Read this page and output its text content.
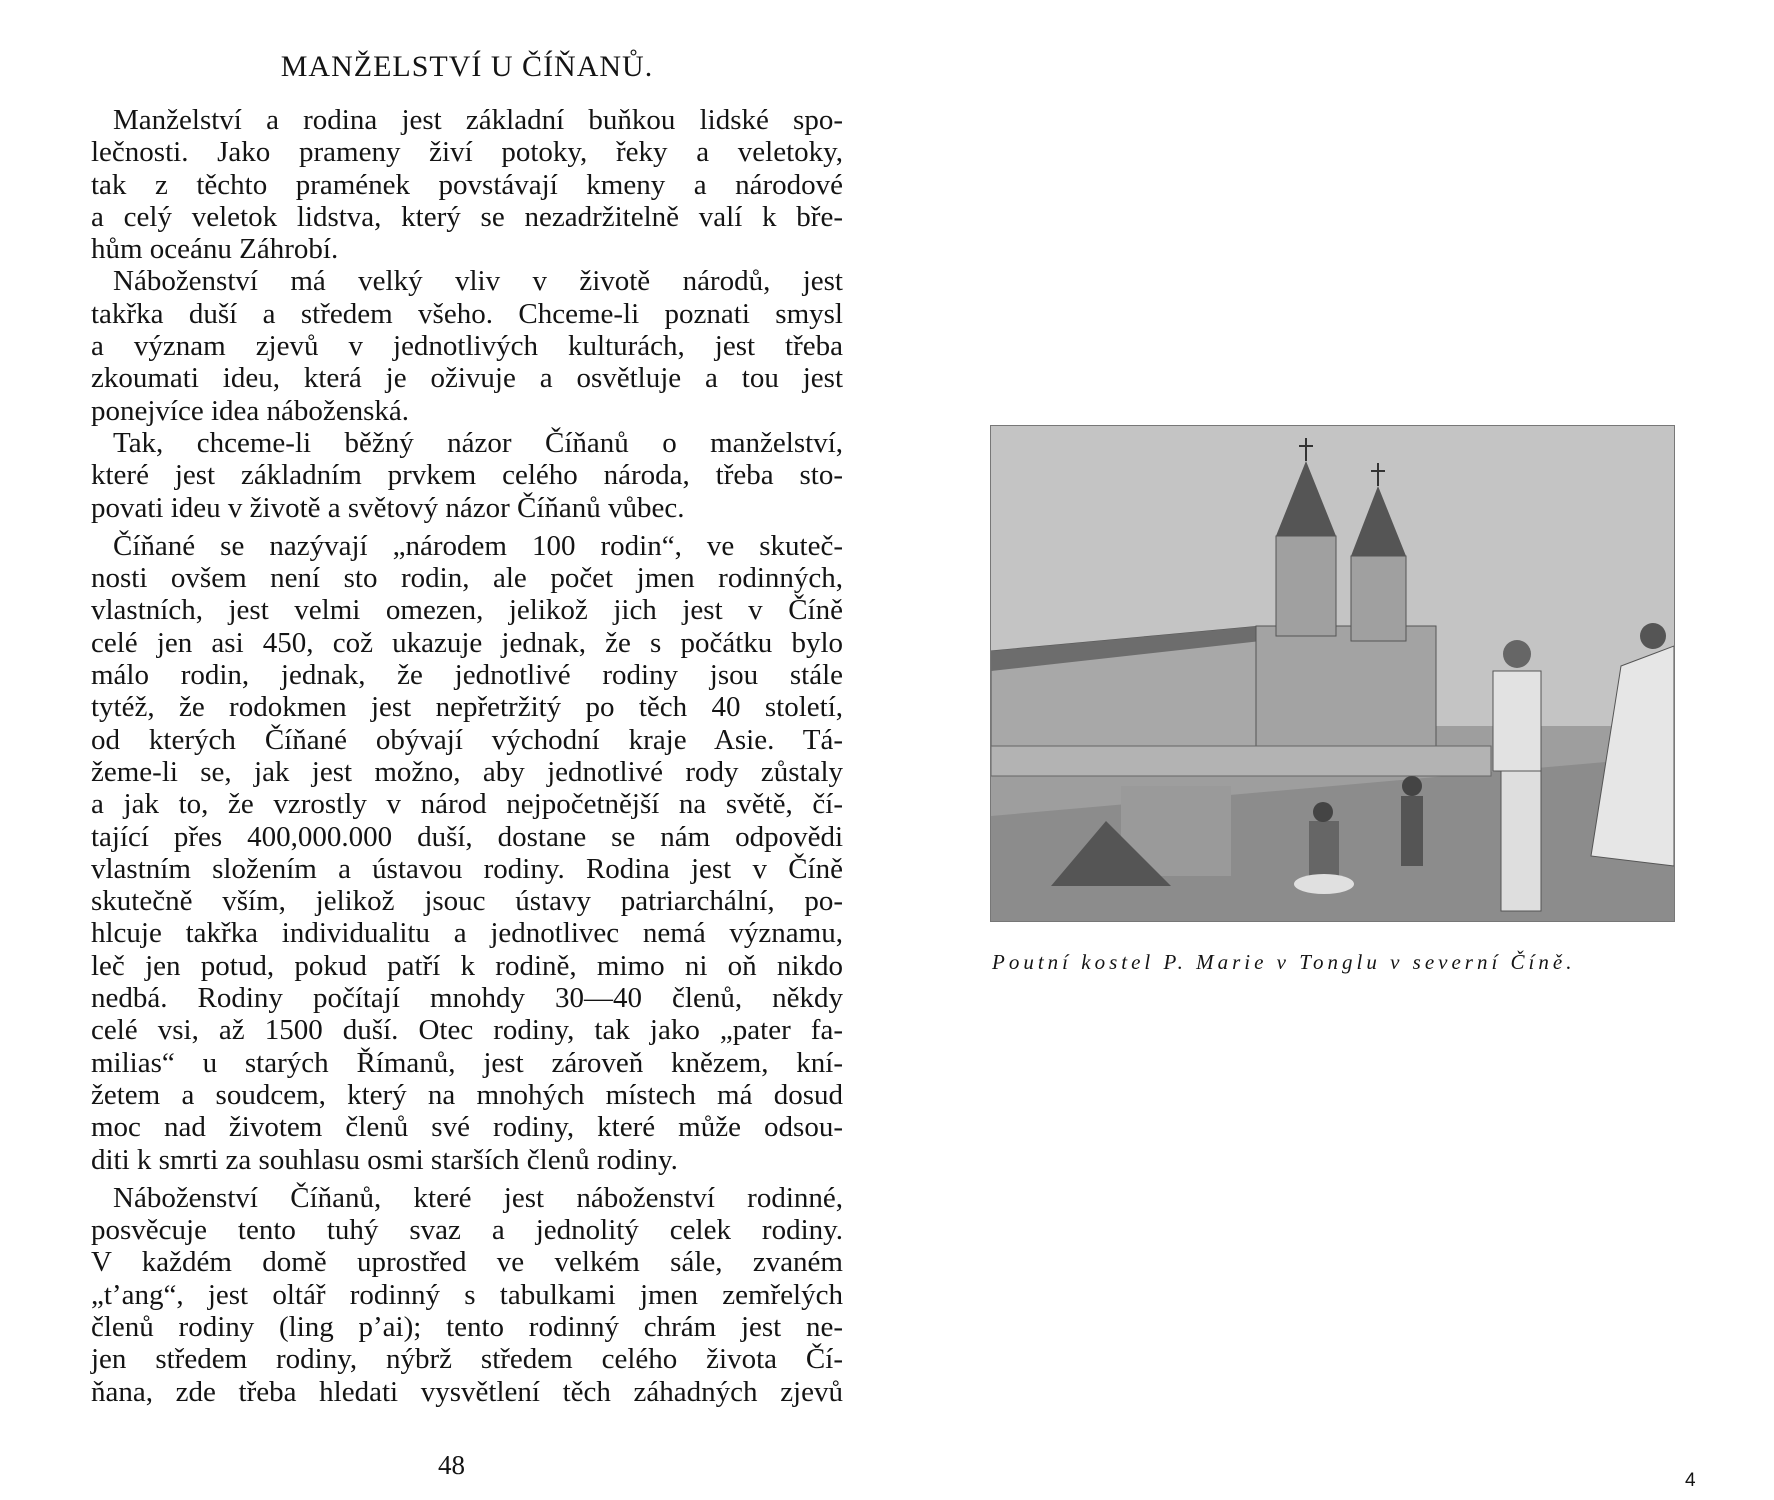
MANŽELSTVÍ U ČÍŇANŮ.
Manželství a rodina jest základní buňkou lidské spo-
lečnosti. Jako prameny živí potoky, řeky a veletoky,
tak z těchto pramének povstávají kmeny a národové
a celý veletok lidstva, který se nezadržitelně valí k bře-
hům oceánu Záhrobí.
Náboženství má velký vliv v životě národů, jest
takřka duší a středem všeho. Chceme-li poznati smysl
a význam zjevů v jednotlivých kulturách, jest třeba
zkoumati ideu, která je oživuje a osvětluje a tou jest
ponejvíce idea náboženská.
Tak, chceme-li běžný názor Číňanů o manželství,
které jest základním prvkem celého národa, třeba sto-
povati ideu v životě a světový názor Číňanů vůbec.
Číňané se nazývají „národem 100 rodin“, ve skuteč-
nosti ovšem není sto rodin, ale počet jmen rodinných,
vlastních, jest velmi omezen, jelikož jich jest v Číně
celé jen asi 450, což ukazuje jednak, že s počátku bylo
málo rodin, jednak, že jednotlivé rodiny jsou stále
tytéž, že rodokmen jest nepřetržitý po těch 40 století,
od kterých Číňané obývají východní kraje Asie. Tá-
žeme-li se, jak jest možno, aby jednotlivé rody zůstaly
a jak to, že vzrostly v národ nejpočetnější na světě, čí-
tající přes 400,000.000 duší, dostane se nám odpovědi
vlastním složením a ústavou rodiny. Rodina jest v Číně
skutečně vším, jelikož jsouc ústavy patriarchální, po-
hlcuje takřka individualitu a jednotlivec nemá významu,
leč jen potud, pokud patří k rodině, mimo ni oň nikdo
nedbá. Rodiny počítají mnohdy 30—40 členů, někdy
celé vsi, až 1500 duší. Otec rodiny, tak jako „pater fa-
milias“ u starých Římanů, jest zároveň knězem, kní-
žetem a soudcem, který na mnohých místech má dosud
moc nad životem členů své rodiny, které může odsou-
diti k smrti za souhlasu osmi starších členů rodiny.
Náboženství Číňanů, které jest náboženství rodinné,
posvěcuje tento tuhý svaz a jednolitý celek rodiny.
V každém domě uprostřed ve velkém sále, zvaném
„t’ang“, jest oltář rodinný s tabulkami jmen zemřelých
členů rodiny (ling p’ai); tento rodinný chrám jest ne-
jen středem rodiny, nýbrž středem celého života Čí-
ňana, zde třeba hledati vysvětlení těch záhadných zjevů
48
Poutní kostel P. Marie v Tonglu v severní Číně.
4
